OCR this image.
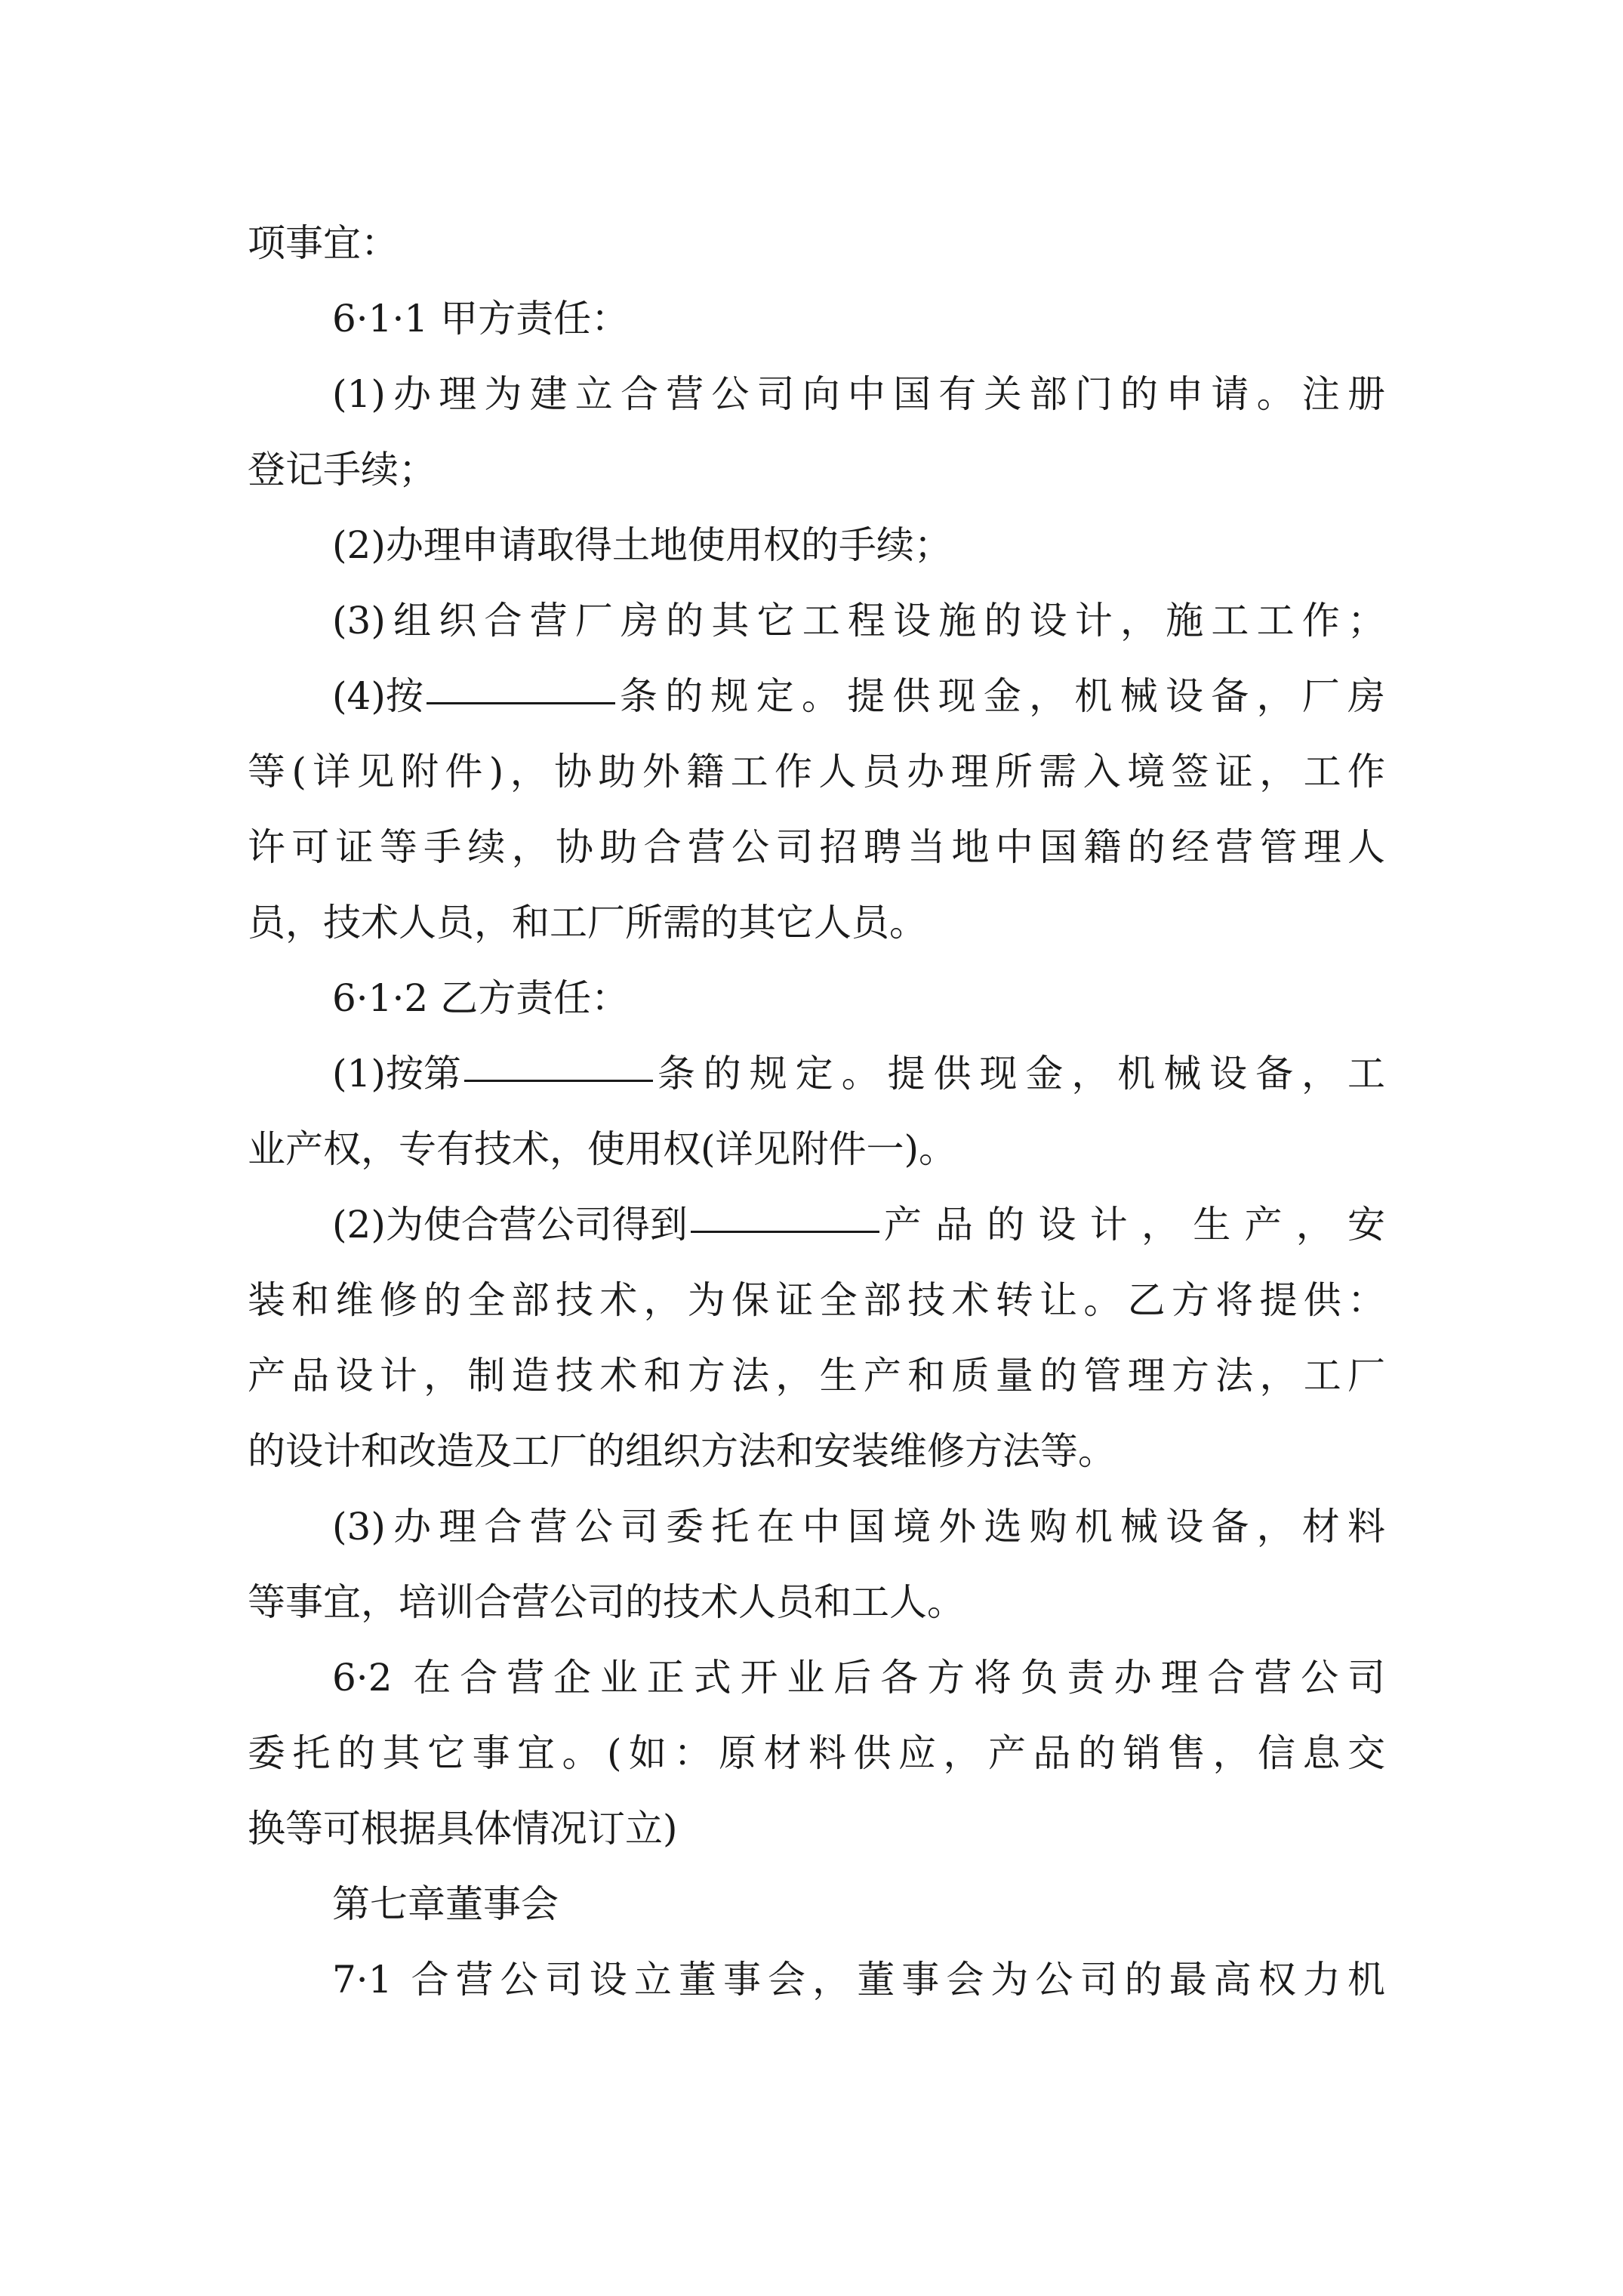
项事宜：
6·1·1 甲方责任：
(1)办理为建立合营公司向中国有关部门的申请。注册
登记手续；
(2)办理申请取得土地使用权的手续；
(3)组织合营厂房的其它工程设施的设计，施工工作；
(4)按	条的规定。提供现金，机械设备，厂房
等(详见附件)，协助外籍工作人员办理所需入境签证，工作
许可证等手续，协助合营公司招聘当地中国籍的经营管理人
员，技术人员，和工厂所需的其它人员。
6·1·2 乙方责任：
(1)按第	条的规定。提供现金，机械设备，工
业产权，专有技术，使用权(详见附件一)。
(2)为使合营公司得到	产品的设计，生产，安
装和维修的全部技术，为保证全部技术转让。乙方将提供：
产品设计，制造技术和方法，生产和质量的管理方法，工厂
的设计和改造及工厂的组织方法和安装维修方法等。
(3)办理合营公司委托在中国境外选购机械设备，材料
等事宜，培训合营公司的技术人员和工人。
6·2 在合营企业正式开业后各方将负责办理合营公司
委托的其它事宜。(如：原材料供应，产品的销售，信息交
换等可根据具体情况订立)
第七章董事会
7·1 合营公司设立董事会，董事会为公司的最高权力机
